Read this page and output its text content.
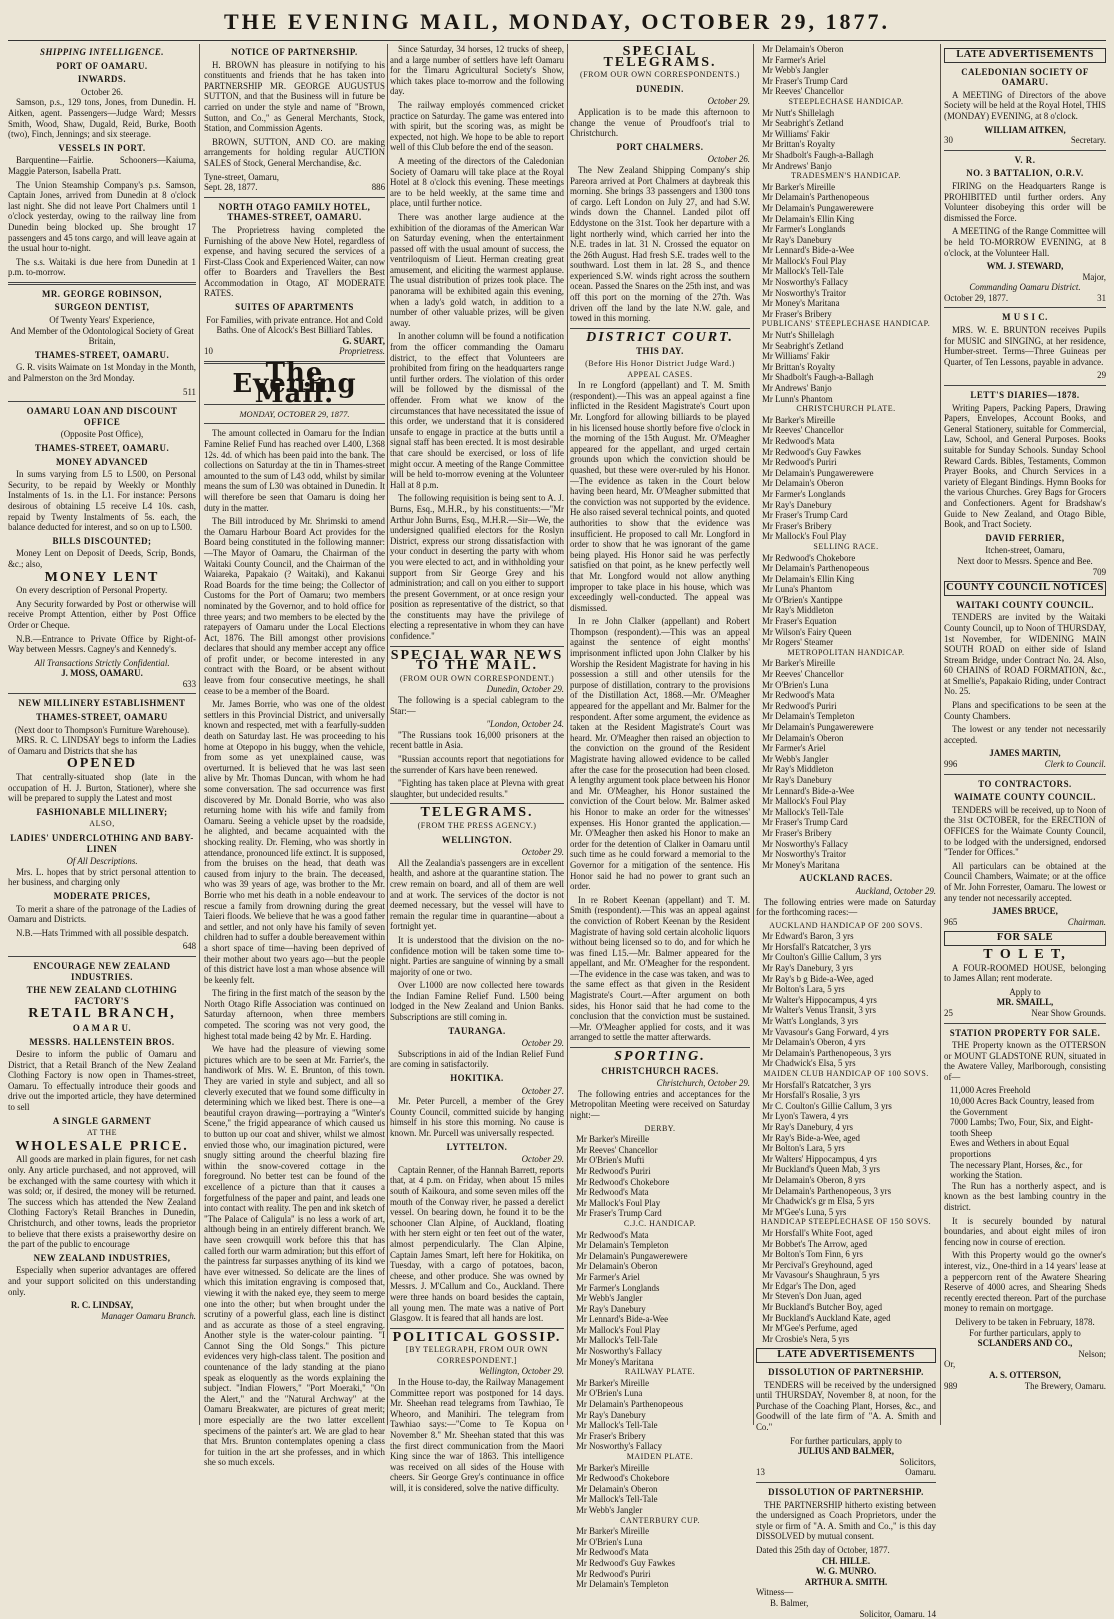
THE EVENING MAIL, MONDAY, OCTOBER 29, 1877.
SHIPPING INTELLIGENCE.
PORT OF OAMARU.
INWARDS.
October 26.

Samson, p.s., 129 tons, Jones, from Dunedin. H. Aitken, agent. Passengers—Judge Ward; Messrs Smith, Wood, Shaw, Dugald, Reid, Burke, Booth (two), Finch, Jennings; and six steerage.

VESSELS IN PORT.

Barquentine—Fairlie. Schooners—Kaiuma, Maggie Paterson, Isabella Pratt.

The Union Steamship Company's p.s. Samson, Captain Jones, arrived from Dunedin at 8 o'clock last night. She did not leave Port Chalmers until 1 o'clock yesterday, owing to the railway line from Dunedin being blocked up. She brought 17 passengers and 45 tons cargo, and will leave again at the usual hour to-night.

The s.s. Waitaki is due here from Dunedin at 1 p.m. to-morrow.

MR. GEORGE ROBINSON,
SURGEON DENTIST,
Of Twenty Years' Experience,
And Member of the Odontological Society of Great Britain,
THAMES-STREET, OAMARU.

G. R. visits Waimate on 1st Monday in the Month, and Palmerston on the 3rd Monday.

511
OAMARU LOAN AND DISCOUNT OFFICE
(Opposite Post Office),
THAMES-STREET, OAMARU.
MONEY ADVANCED

In sums varying from L5 to L500, on Personal Security, to be repaid by Weekly or Monthly Instalments of 1s. in the L1. For instance: Persons desirous of obtaining L5 receive L4 10s. cash, repaid by Twenty Instalments of 5s. each, the balance deducted for interest, and so on up to L500.

BILLS DISCOUNTED;

Money Lent on Deposit of Deeds, Scrip, Bonds, &c.; also,

MONEY LENT

On every description of Personal Property.

Any Security forwarded by Post or otherwise will receive Prompt Attention, either by Post Office Order or Cheque.

N.B.—Entrance to Private Office by Right-of-Way between Messrs. Cagney's and Kennedy's.

All Transactions Strictly Confidential.
J. MOSS, OAMARU.
633
NEW MILLINERY ESTABLISHMENT
THAMES-STREET, OAMARU
(Next door to Thompson's Furniture Warehouse).

MRS. R. C. LINDSAY begs to inform the Ladies of Oamaru and Districts that she has

OPENED

That centrally-situated shop (late in the occupation of H. J. Burton, Stationer), where she will be prepared to supply the Latest and most

FASHIONABLE MILLINERY;
ALSO,
LADIES' UNDERCLOTHING AND BABY-LINEN
Of All Descriptions.

Mrs. L. hopes that by strict personal attention to her business, and charging only

MODERATE PRICES,

To merit a share of the patronage of the Ladies of Oamaru and Districts.

N.B.—Hats Trimmed with all possible despatch.

648
ENCOURAGE NEW ZEALAND INDUSTRIES.
THE NEW ZEALAND CLOTHING FACTORY'S
RETAIL BRANCH,
O A M A R U.
MESSRS. HALLENSTEIN BROS.

Desire to inform the public of Oamaru and District, that a Retail Branch of the New Zealand Clothing Factory is now open in Thames-street, Oamaru. To effectually introduce their goods and drive out the imported article, they have determined to sell

A SINGLE GARMENT
AT THE
WHOLESALE PRICE.

All goods are marked in plain figures, for net cash only. Any article purchased, and not approved, will be exchanged with the same courtesy with which it was sold; or, if desired, the money will be returned. The success which has attended the New Zealand Clothing Factory's Retail Branches in Dunedin, Christchurch, and other towns, leads the proprietor to believe that there exists a praiseworthy desire on the part of the public to encourage

NEW ZEALAND INDUSTRIES,

Especially when superior advantages are offered and your support solicited on this understanding only.

R. C. LINDSAY,
Manager Oamaru Branch.
NOTICE OF PARTNERSHIP.

H. BROWN has pleasure in notifying to his constituents and friends that he has taken into PARTNERSHIP MR. GEORGE AUGUSTUS SUTTON, and that the Business will in future be carried on under the style and name of "Brown, Sutton, and Co.," as General Merchants, Stock, Station, and Commission Agents.

BROWN, SUTTON, AND CO. are making arrangements for holding regular AUCTION SALES of Stock, General Merchandise, &c.

Tyne-street, Oamaru,
Sept. 28, 1877.	886
NORTH OTAGO FAMILY HOTEL, THAMES-STREET, OAMARU.

The Proprietress having completed the Furnishing of the above New Hotel, regardless of expense, and having secured the services of a First-Class Cook and Experienced Waiter, can now offer to Boarders and Travellers the Best Accommodation in Otago, AT MODERATE RATES.

SUITES OF APARTMENTS
For Families, with private entrance. Hot and Cold Baths. One of Alcock's Best Billiard Tables.
G. SUART,
10	Proprietress.
The Evening Mail.
MONDAY, OCTOBER 29, 1877.

The amount collected in Oamaru for the Indian Famine Relief Fund has reached over L400, L368 12s. 4d. of which has been paid into the bank. The collections on Saturday at the tin in Thames-street amounted to the sum of L43 odd, whilst by similar means the sum of L30 was obtained in Dunedin. It will therefore be seen that Oamaru is doing her duty in the matter.

The Bill introduced by Mr. Shrimski to amend the Oamaru Harbour Board Act provides for the Board being constituted in the following manner:—The Mayor of Oamaru, the Chairman of the Waitaki County Council, and the Chairman of the Waiareka, Papakaio (? Waitaki), and Kakanui Road Boards for the time being; the Collector of Customs for the Port of Oamaru; two members nominated by the Governor, and to hold office for three years; and two members to be elected by the ratepayers of Oamaru under the Local Elections Act, 1876. The Bill amongst other provisions declares that should any member accept any office of profit under, or become interested in any contract with the Board, or be absent without leave from four consecutive meetings, he shall cease to be a member of the Board.

Mr. James Borrie, who was one of the oldest settlers in this Provincial District, and universally known and respected, met with a fearfully-sudden death on Saturday last. He was proceeding to his home at Otepopo in his buggy, when the vehicle, from some as yet unexplained cause, was overturned. It is believed that he was last seen alive by Mr. Thomas Duncan, with whom he had some conversation. The sad occurrence was first discovered by Mr. Donald Borrie, who was also returning home with his wife and family from Oamaru. Seeing a vehicle upset by the roadside, he alighted, and became acquainted with the shocking reality. Dr. Fleming, who was shortly in attendance, pronounced life extinct. It is supposed, from the bruises on the head, that death was caused from injury to the brain. The deceased, who was 39 years of age, was brother to the Mr. Borrie who met his death in a noble endeavour to rescue a family from drowning during the great Taieri floods. We believe that he was a good father and settler, and not only have his family of seven children had to suffer a double bereavement within a short space of time—having been deprived of their mother about two years ago—but the people of this district have lost a man whose absence will be keenly felt.

The firing in the first match of the season by the North Otago Rifle Association was continued on Saturday afternoon, when three members competed. The scoring was not very good, the highest total made being 42 by Mr. E. Harding.

We have had the pleasure of viewing some pictures which are to be seen at Mr. Farrier's, the handiwork of Mrs. W. E. Brunton, of this town. They are varied in style and subject, and all so cleverly executed that we found some difficulty in determining which we liked best. There is one—a beautiful crayon drawing—portraying a "Winter's Scene," the frigid appearance of which caused us to button up our coat and shiver, whilst we almost envied those who, our imagination pictured, were snugly sitting around the cheerful blazing fire within the snow-covered cottage in the foreground. No better test can be found of the excellence of a picture than that it causes a forgetfulness of the paper and paint, and leads one into contact with reality. The pen and ink sketch of "The Palace of Caligula" is no less a work of art, although being in an entirely different branch. We have seen crowquill work before this that has called forth our warm admiration; but this effort of the paintress far surpasses anything of its kind we have ever witnessed. So delicate are the lines of which this imitation engraving is composed that, viewing it with the naked eye, they seem to merge one into the other; but when brought under the scrutiny of a powerful glass, each line is distinct and as accurate as those of a steel engraving. Another style is the water-colour painting. "I Cannot Sing the Old Songs." This picture evidences very high-class talent. The position and countenance of the lady standing at the piano speak as eloquently as the words explaining the subject. "Indian Flowers," "Port Moeraki," "On the Alert," and the "Natural Archway" at the Oamaru Breakwater, are pictures of great merit; more especially are the two latter excellent specimens of the painter's art. We are glad to hear that Mrs. Brunton contemplates opening a class for tuition in the art she professes, and in which she so much excels.

Since Saturday, 34 horses, 12 trucks of sheep, and a large number of settlers have left Oamaru for the Timaru Agricultural Society's Show, which takes place to-morrow and the following day.

The railway employés commenced cricket practice on Saturday. The game was entered into with spirit, but the scoring was, as might be expected, not high. We hope to be able to report well of this Club before the end of the season.

A meeting of the directors of the Caledonian Society of Oamaru will take place at the Royal Hotel at 8 o'clock this evening. These meetings are to be held weekly, at the same time and place, until further notice.

There was another large audience at the exhibition of the dioramas of the American War on Saturday evening, when the entertainment passed off with the usual amount of success, the ventriloquism of Lieut. Herman creating great amusement, and eliciting the warmest applause. The usual distribution of prizes took place. The panorama will be exhibited again this evening, when a lady's gold watch, in addition to a number of other valuable prizes, will be given away.

In another column will be found a notification from the officer commanding the Oamaru district, to the effect that Volunteers are prohibited from firing on the headquarters range until further orders. The violation of this order will be followed by the dismissal of the offender. From what we know of the circumstances that have necessitated the issue of this order, we understand that it is considered unsafe to engage in practice at the butts until a signal staff has been erected. It is most desirable that care should be exercised, or loss of life might occur. A meeting of the Range Committee will be held to-morrow evening at the Volunteer Hall at 8 p.m.

The following requisition is being sent to A. J. Burns, Esq., M.H.R., by his constituents:—"Mr Arthur John Burns, Esq., M.H.R.—Sir—We, the undersigned qualified electors for the Roslyn District, express our strong dissatisfaction with your conduct in deserting the party with whom you were elected to act, and in withholding your support from Sir George Grey and his administration; and call on you either to support the present Government, or at once resign your position as representative of the district, so that the constituents may have the privilege of electing a representative in whom they can have confidence."

SPECIAL WAR NEWS TO THE MAIL.
(FROM OUR OWN CORRESPONDENT.)
Dunedin, October 29.

The following is a special cablegram to the Star:—

"London, October 24.

"The Russians took 16,000 prisoners at the recent battle in Asia.

"Russian accounts report that negotiations for the surrender of Kars have been renewed.

"Fighting has taken place at Plevna with great slaughter, but undecided results."

TELEGRAMS.
(FROM THE PRESS AGENCY.)
WELLINGTON.
October 29.

All the Zealandia's passengers are in excellent health, and ashore at the quarantine station. The crew remain on board, and all of them are well and at work. The services of the doctor is not deemed necessary, but the vessel will have to remain the regular time in quarantine—about a fortnight yet.

It is understood that the division on the no-confidence motion will be taken some time to-night. Parties are sanguine of winning by a small majority of one or two.

Over L1000 are now collected here towards the Indian Famine Relief Fund. L500 being lodged in the New Zealand and Union Banks. Subscriptions are still coming in.

TAURANGA.
October 29.

Subscriptions in aid of the Indian Relief Fund are coming in satisfactorily.

HOKITIKA.
October 27.

Mr. Peter Purcell, a member of the Grey County Council, committed suicide by hanging himself in his store this morning. No cause is known. Mr. Purcell was universally respected.

LYTTELTON.
October 29.

Captain Renner, of the Hannah Barrett, reports that, at 4 p.m. on Friday, when about 15 miles south of Kaikoura, and some seven miles off the mouth of the Conway river, he passed a derelict vessel. On bearing down, he found it to be the schooner Clan Alpine, of Auckland, floating with her stern eight or ten feet out of the water, almost perpendicularly. The Clan Alpine, Captain James Smart, left here for Hokitika, on Tuesday, with a cargo of potatoes, bacon, cheese, and other produce. She was owned by Messrs. J. M'Callum and Co., Auckland. There were three hands on board besides the captain, all young men. The mate was a native of Port Glasgow. It is feared that all hands are lost.

POLITICAL GOSSIP.
[BY TELEGRAPH, FROM OUR OWN CORRESPONDENT.]
Wellington, October 29.

In the House to-day, the Railway Management Committee report was postponed for 14 days. Mr. Sheehan read telegrams from Tawhiao, Te Wheoro, and Manihiri. The telegram from Tawhiao says:—"Come to Te Kopua on November 8." Mr. Sheehan stated that this was the first direct communication from the Maori King since the war of 1863. This intelligence was received on all sides of the House with cheers. Sir George Grey's continuance in office will, it is considered, solve the native difficulty.

SPECIAL TELEGRAMS.
(FROM OUR OWN CORRESPONDENTS.)
DUNEDIN.
October 29.

Application is to be made this afternoon to change the venue of Proudfoot's trial to Christchurch.

PORT CHALMERS.
October 26.

The New Zealand Shipping Company's ship Pareora arrived at Port Chalmers at daybreak this morning. She brings 33 passengers and 1300 tons of cargo. Left London on July 27, and had S.W. winds down the Channel. Landed pilot off Eddystone on the 31st. Took her departure with a light northerly wind, which carried her into the N.E. trades in lat. 31 N. Crossed the equator on the 26th August. Had fresh S.E. trades well to the southward. Lost them in lat. 28 S., and thence experienced S.W. winds right across the southern ocean. Passed the Snares on the 25th inst, and was off this port on the morning of the 27th. Was driven off the land by the late N.W. gale, and towed in this morning.

DISTRICT COURT.
THIS DAY.
(Before His Honor District Judge Ward.)
APPEAL CASES.

In re Longford (appellant) and T. M. Smith (respondent).—This was an appeal against a fine inflicted in the Resident Magistrate's Court upon Mr. Longford for allowing billiards to be played in his licensed house shortly before five o'clock in the morning of the 15th August. Mr. O'Meagher appeared for the appellant, and urged certain grounds upon which the conviction should be quashed, but these were over-ruled by his Honor.—The evidence as taken in the Court below having been heard, Mr. O'Meagher submitted that the conviction was not supported by the evidence. He also raised several technical points, and quoted authorities to show that the evidence was insufficient. He proposed to call Mr. Longford in order to show that he was ignorant of the game being played. His Honor said he was perfectly satisfied on that point, as he knew perfectly well that Mr. Longford would not allow anything improper to take place in his house, which was exceedingly well-conducted. The appeal was dismissed.

In re John Clalker (appellant) and Robert Thompson (respondent).—This was an appeal against the sentence of eight months' imprisonment inflicted upon John Clalker by his Worship the Resident Magistrate for having in his possession a still and other utensils for the purpose of distillation, contrary to the provisions of the Distillation Act, 1868.—Mr. O'Meagher appeared for the appellant and Mr. Balmer for the respondent. After some argument, the evidence as taken at the Resident Magistrate's Court was heard. Mr. O'Meagher then raised an objection to the conviction on the ground of the Resident Magistrate having allowed evidence to be called after the case for the prosecution had been closed. A lengthy argument took place between his Honor and Mr. O'Meagher, his Honor sustained the conviction of the Court below. Mr. Balmer asked his Honor to make an order for the witnesses' expenses. His Honor granted the application.—Mr. O'Meagher then asked his Honor to make an order for the detention of Clalker in Oamaru until such time as he could forward a memorial to the Governor for a mitigation of the sentence. His Honor said he had no power to grant such an order.

In re Robert Keenan (appellant) and T. M. Smith (respondent).—This was an appeal against the conviction of Robert Keenan by the Resident Magistrate of having sold certain alcoholic liquors without being licensed so to do, and for which he was fined L15.—Mr. Balmer appeared for the appellant, and Mr. O'Meagher for the respondent.—The evidence in the case was taken, and was to the same effect as that given in the Resident Magistrate's Court.—After argument on both sides, his Honor said that he had come to the conclusion that the conviction must be sustained.—Mr. O'Meagher applied for costs, and it was arranged to settle the matter afterwards.

SPORTING.
CHRISTCHURCH RACES.
Christchurch, October 29.

The following entries and acceptances for the Metropolitan Meeting were received on Saturday night:—

DERBY.
Mr Barker's Mireille
Mr Reeves' Chancellor
Mr O'Brien's Mufti
Mr Redwood's Puriri
Mr Redwood's Chokebore
Mr Redwood's Mata
Mr Mallock's Foul Play
Mr Fraser's Trump Card
C.J.C. HANDICAP.
Mr Redwood's Mata
Mr Delamain's Templeton
Mr Delamain's Pungawerewere
Mr Delamain's Oberon
Mr Farmer's Ariel
Mr Farmer's Longlands
Mr Webb's Jangler
Mr Ray's Danebury
Mr Lennard's Bide-a-Wee
Mr Mallock's Foul Play
Mr Mallock's Tell-Tale
Mr Nosworthy's Fallacy
Mr Money's Maritana
RAILWAY PLATE.
Mr Barker's Mireille
Mr O'Brien's Luna
Mr Delamain's Parthenopeous
Mr Ray's Danebury
Mr Mallock's Tell-Tale
Mr Fraser's Bribery
Mr Nosworthy's Fallacy
MAIDEN PLATE.
Mr Barker's Mireille
Mr Redwood's Chokebore
Mr Delamain's Oberon
Mr Mallock's Tell-Tale
Mr Webb's Jangler
CANTERBURY CUP.
Mr Barker's Mireille
Mr O'Brien's Luna
Mr Redwood's Mata
Mr Redwood's Guy Fawkes
Mr Redwood's Puriri
Mr Delamain's Templeton
Mr Delamain's Oberon
Mr Farmer's Ariel
Mr Webb's Jangler
Mr Fraser's Trump Card
Mr Reeves' Chancellor
STEEPLECHASE HANDICAP.
Mr Nutt's Shillelagh
Mr Seabright's Zetland
Mr Williams' Fakir
Mr Brittan's Royalty
Mr Shadbolt's Faugh-a-Ballagh
Mr Andrews' Banjo
TRADESMEN'S HANDICAP.
Mr Barker's Mireille
Mr Delamain's Parthenopeous
Mr Delamain's Pungawerewere
Mr Delamain's Ellin King
Mr Farmer's Longlands
Mr Ray's Danebury
Mr Lennard's Bide-a-Wee
Mr Mallock's Foul Play
Mr Mallock's Tell-Tale
Mr Nosworthy's Fallacy
Mr Nosworthy's Traitor
Mr Money's Maritana
Mr Fraser's Bribery
PUBLICANS' STEEPLECHASE HANDICAP.
Mr Nutt's Shillelagh
Mr Seabright's Zetland
Mr Williams' Fakir
Mr Brittan's Royalty
Mr Shadbolt's Faugh-a-Ballagh
Mr Andrews' Banjo
Mr Lunn's Phantom
CHRISTCHURCH PLATE.
Mr Barker's Mireille
Mr Reeves' Chancellor
Mr Redwood's Mata
Mr Redwood's Guy Fawkes
Mr Redwood's Puriri
Mr Delamain's Pungawerewere
Mr Delamain's Oberon
Mr Farmer's Longlands
Mr Ray's Danebury
Mr Fraser's Trump Card
Mr Fraser's Bribery
Mr Mallock's Foul Play
SELLING RACE.
Mr Redwood's Chokebore
Mr Delamain's Parthenopeous
Mr Delamain's Ellin King
Mr Luna's Phantom
Mr O'Brien's Xantippe
Mr Ray's Middleton
Mr Fraser's Equation
Mr Wilson's Fairy Queen
Mr Rogers' Steamer
METROPOLITAN HANDICAP.
Mr Barker's Mireille
Mr Reeves' Chancellor
Mr O'Brien's Luna
Mr Redwood's Mata
Mr Redwood's Puriri
Mr Delamain's Templeton
Mr Delamain's Pungawerewere
Mr Delamain's Oberon
Mr Farmer's Ariel
Mr Webb's Jangler
Mr Ray's Middleton
Mr Ray's Danebury
Mr Lennard's Bide-a-Wee
Mr Mallock's Foul Play
Mr Mallock's Tell-Tale
Mr Fraser's Trump Card
Mr Fraser's Bribery
Mr Nosworthy's Fallacy
Mr Nosworthy's Traitor
Mr Money's Maritana
AUCKLAND RACES.
Auckland, October 29.

The following entries were made on Saturday for the forthcoming races:—

AUCKLAND HANDICAP OF 200 SOVS.
Mr Edward's Baron, 3 yrs
Mr Horsfall's Ratcatcher, 3 yrs
Mr Coulton's Gillie Callum, 3 yrs
Mr Ray's Danebury, 3 yrs
Mr Ray's b g Bide-a-Wee, aged
Mr Bolton's Lara, 5 yrs
Mr Walter's Hippocampus, 4 yrs
Mr Walter's Venus Transit, 3 yrs
Mr Watt's Longlands, 3 yrs
Mr Vavasour's Gang Forward, 4 yrs
Mr Delamain's Oberon, 4 yrs
Mr Delamain's Parthenopeous, 3 yrs
Mr Chadwick's Elsa, 5 yrs
MAIDEN CLUB HANDICAP OF 100 SOVS.
Mr Horsfall's Ratcatcher, 3 yrs
Mr Horsfall's Rosalie, 3 yrs
Mr C. Coulton's Gillie Callum, 3 yrs
Mr Lyon's Tawera, 4 yrs
Mr Ray's Danebury, 4 yrs
Mr Ray's Bide-a-Wee, aged
Mr Bolton's Lara, 5 yrs
Mr Walters' Hippocampus, 4 yrs
Mr Buckland's Queen Mab, 3 yrs
Mr Delamain's Oberon, 8 yrs
Mr Delamain's Parthenopeous, 3 yrs
Mr Chadwick's gr m Elsa, 5 yrs
Mr M'Gee's Luna, 5 yrs
HANDICAP STEEPLECHASE OF 150 SOVS.
Mr Horsfall's White Foot, aged
Mr Bobbet's The Arrow, aged
Mr Bolton's Tom Finn, 6 yrs
Mr Percival's Greyhound, aged
Mr Vavasour's Shaughraun, 5 yrs
Mr Edgar's The Don, aged
Mr Steven's Don Juan, aged
Mr Buckland's Butcher Boy, aged
Mr Buckland's Auckland Kate, aged
Mr M'Gee's Perfume, aged
Mr Crosbie's Nera, 5 yrs
LATE ADVERTISEMENTS
DISSOLUTION OF PARTNERSHIP.

TENDERS will be received by the undersigned until THURSDAY, November 8, at noon, for the Purchase of the Coaching Plant, Horses, &c., and Goodwill of the late firm of "A. A. Smith and Co."

For further particulars, apply to
JULIUS AND BALMER,
Solicitors,
13	Oamaru.
DISSOLUTION OF PARTNERSHIP.

THE PARTNERSHIP hitherto existing between the undersigned as Coach Proprietors, under the style or firm of "A. A. Smith and Co.," is this day DISSOLVED by mutual consent.

Dated this 25th day of October, 1877.
CH. HILLE.
W. G. MUNRO.
ARTHUR A. SMITH.
Witness—
B. Balmer,
Solicitor, Oamaru. 14
LATE ADVERTISEMENTS
CALEDONIAN SOCIETY OF OAMARU.

A MEETING of Directors of the above Society will be held at the Royal Hotel, THIS (MONDAY) EVENING, at 8 o'clock.

WILLIAM AITKEN,
30	Secretary.
V. R.
NO. 3 BATTALION, O.R.V.

FIRING on the Headquarters Range is PROHIBITED until further orders. Any Volunteer disobeying this order will be dismissed the Force.

A MEETING of the Range Committee will be held TO-MORROW EVENING, at 8 o'clock, at the Volunteer Hall.

WM. J. STEWARD,
Major,
Commanding Oamaru District.
October 29, 1877.	31
M U S I C.

MRS. W. E. BRUNTON receives Pupils for MUSIC and SINGING, at her residence, Humber-street. Terms—Three Guineas per Quarter, of Ten Lessons, payable in advance.

29
LETT'S DIARIES—1878.

Writing Papers, Packing Papers, Drawing Papers, Envelopes, Account Books, and General Stationery, suitable for Commercial, Law, School, and General Purposes. Books suitable for Sunday Schools. Sunday School Reward Cards. Bibles, Testaments, Common Prayer Books, and Church Services in a variety of Elegant Bindings. Hymn Books for the various Churches. Grey Bags for Grocers and Confectioners. Agent for Bradshaw's Guide to New Zealand, and Otago Bible, Book, and Tract Society.

DAVID FERRIER,
Itchen-street, Oamaru,
Next door to Messrs. Spence and Bee.
709
COUNTY COUNCIL NOTICES
WAITAKI COUNTY COUNCIL.

TENDERS are invited by the Waitaki County Council, up to Noon of THURSDAY, 1st November, for WIDENING MAIN SOUTH ROAD on either side of Island Stream Bridge, under Contract No. 24. Also, 60 CHAINS of ROAD FORMATION, &c., at Smellie's, Papakaio Riding, under Contract No. 25.

Plans and specifications to be seen at the County Chambers.

The lowest or any tender not necessarily accepted.

JAMES MARTIN,
996	Clerk to Council.
TO CONTRACTORS.
WAIMATE COUNTY COUNCIL.

TENDERS will be received, up to Noon of the 31st OCTOBER, for the ERECTION of OFFICES for the Waimate County Council, to be lodged with the undersigned, endorsed "Tender for Offices."

All particulars can be obtained at the Council Chambers, Waimate; or at the office of Mr. John Forrester, Oamaru. The lowest or any tender not necessarily accepted.

JAMES BRUCE,
965	Chairman.
FOR SALE
T O L E T,

A FOUR-ROOMED HOUSE, belonging to James Allan; rent moderate.

Apply to
MR. SMAILL,
25	Near Show Grounds.
STATION PROPERTY FOR SALE.

THE Property known as the OTTERSON or MOUNT GLADSTONE RUN, situated in the Awatere Valley, Marlborough, consisting of—

11,000 Acres Freehold
10,000 Acres Back Country, leased from the Government
7000 Lambs; Two, Four, Six, and Eight-tooth Sheep
Ewes and Wethers in about Equal proportions
The necessary Plant, Horses, &c., for working the Station.

The Run has a northerly aspect, and is known as the best lambing country in the district.

It is securely bounded by natural boundaries, and about eight miles of iron fencing now in course of erection.

With this Property would go the owner's interest, viz., One-third in a 14 years' lease at a peppercorn rent of the Awatere Shearing Reserve of 4000 acres, and Shearing Sheds recently erected thereon. Part of the purchase money to remain on mortgage.

Delivery to be taken in February, 1878.
For further particulars, apply to
SCLANDERS AND CO.,
Nelson;
Or,
A. S. OTTERSON,
989	The Brewery, Oamaru.
